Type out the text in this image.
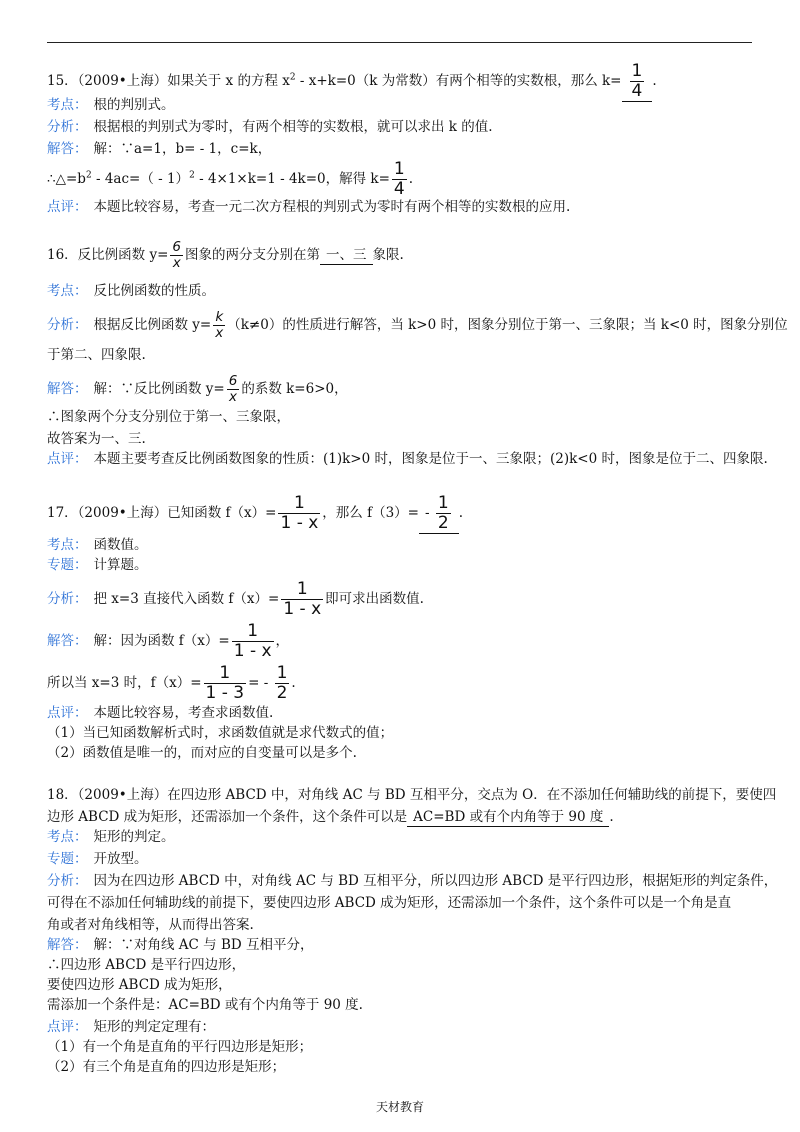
15．（2009•上海）如果关于 x 的方程 $x^2 - x+k=0(k$ 为常数）有两个相等的实数根，那么 $k= \frac{1}{4}$ .
考点： 根的判别式。
分析： 根据根的判别式为零时，有两个相等的实数根，就可以求出 k 的值.
解答： 解：∵a=1，b= - 1，c=k，
$\therefore\triangle=b^2 - 4ac=( - 1)^2 - 4\times 1\times k=1 - 4k=0$，解得 $k= \frac{1}{4}$ .
点评： 本题比较容易，考查一元二次方程根的判别式为零时有两个相等的实数根的应用.
16．反比例函数 $y= \frac{6}{x}$ 图象的两分支分别在第 一、三 象限.
考点： 反比例函数的性质。
分析： 根据反比例函数 $y= \frac{k}{x} (k\ne 0)$的性质进行解答，当 k>0 时，图象分别位于第一、三象限；当 k<0 时，图象分别位
于第二、四象限.
解答： 解：∵反比例函数 $y= \frac{6}{x}$ 的系数 k=6>0，
∴图象两个分支分别位于第一、三象限，
故答案为一、三.
点评： 本题主要考查反比例函数图象的性质：(1)k>0 时，图象是位于一、三象限；(2)k<0 时，图象是位于二、四象限.
17．（2009•上海）已知函数 $f(x)= \frac{1}{1 - x}$ ，那么 $f(3)=- \frac{1}{2}$ .
考点： 函数值。
专题： 计算题。
分析： 把 x=3 直接代入函数 $f(x)= \frac{1}{1 - x}$ 即可求出函数值.
解答： 解：因为函数 $f(x)= \frac{1}{1 - x}$ ，
所以当 x=3 时，$f(x)= \frac{1}{1 - 3}$ = - $\frac{1}{2}$ .
点评： 本题比较容易，考查求函数值.
（1）当已知函数解析式时，求函数值就是求代数式的值；
（2）函数值是唯一的，而对应的自变量可以是多个.
18．（2009•上海）在四边形 ABCD 中，对角线 AC 与 BD 互相平分，交点为 O．在不添加任何辅助线的前提下，要使四
边形 ABCD 成为矩形，还需添加一个条件，这个条件可以是 AC=BD 或有个内角等于 90 度 .
考点： 矩形的判定。
专题： 开放型。
分析： 因为在四边形 ABCD 中，对角线 AC 与 BD 互相平分，所以四边形 ABCD 是平行四边形，根据矩形的判定条件，
可得在不添加任何辅助线的前提下，要使四边形 ABCD 成为矩形，还需添加一个条件，这个条件可以是一个角是直
角或者对角线相等，从而得出答案.
解答： 解：∵对角线 AC 与 BD 互相平分，
∴四边形 ABCD 是平行四边形，
要使四边形 ABCD 成为矩形，
需添加一个条件是：AC=BD 或有个内角等于 90 度.
点评： 矩形的判定定理有：
（1）有一个角是直角的平行四边形是矩形；
（2）有三个角是直角的四边形是矩形；
天材教育
